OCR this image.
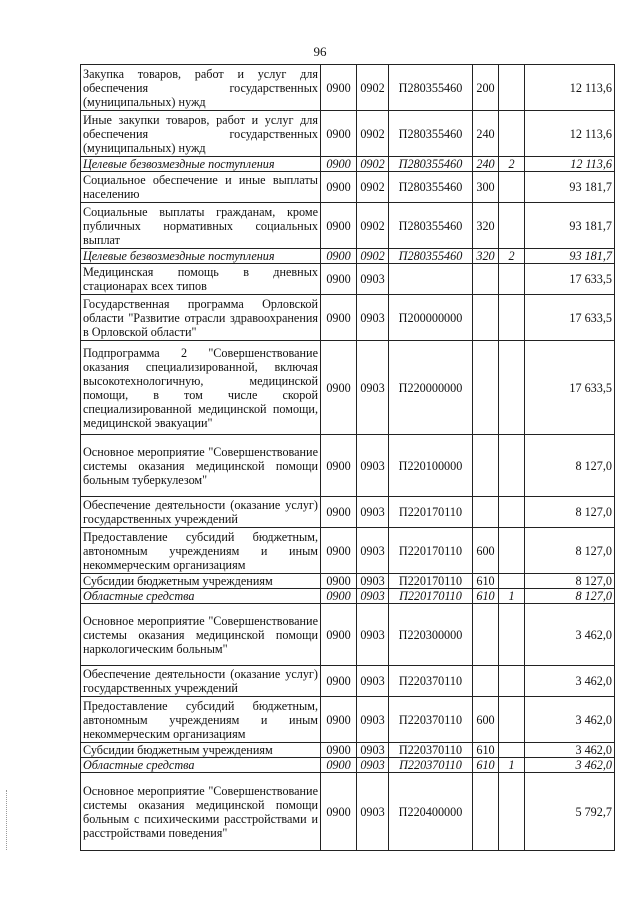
96
Закупка товаров, работ и услуг для обеспечения государственных (муниципальных) нужд	0900	0902	П280355460	200		12 113,6
Иные закупки товаров, работ и услуг для обеспечения государственных (муниципальных) нужд	0900	0902	П280355460	240		12 113,6
Целевые безвозмездные поступления	0900	0902	П280355460	240	2	12 113,6
Социальное обеспечение и иные выплаты населению	0900	0902	П280355460	300		93 181,7
Социальные выплаты гражданам, кроме публичных нормативных социальных выплат	0900	0902	П280355460	320		93 181,7
Целевые безвозмездные поступления	0900	0902	П280355460	320	2	93 181,7
Медицинская помощь в дневных стационарах всех типов	0900	0903				17 633,5
Государственная программа Орловской области "Развитие отрасли здравоохранения в Орловской области"	0900	0903	П200000000			17 633,5
Подпрограмма 2 "Совершенствование оказания специализированной, включая высокотехнологичную, медицинской помощи, в том числе скорой специализированной медицинской помощи, медицинской эвакуации"	0900	0903	П220000000			17 633,5
Основное мероприятие "Совершенствование системы оказания медицинской помощи больным туберкулезом"	0900	0903	П220100000			8 127,0
Обеспечение деятельности (оказание услуг) государственных учреждений	0900	0903	П220170110			8 127,0
Предоставление субсидий бюджетным, автономным учреждениям и иным некоммерческим организациям	0900	0903	П220170110	600		8 127,0
Субсидии бюджетным учреждениям	0900	0903	П220170110	610		8 127,0
Областные средства	0900	0903	П220170110	610	1	8 127,0
Основное мероприятие "Совершенствование системы оказания медицинской помощи наркологическим больным"	0900	0903	П220300000			3 462,0
Обеспечение деятельности (оказание услуг) государственных учреждений	0900	0903	П220370110			3 462,0
Предоставление субсидий бюджетным, автономным учреждениям и иным некоммерческим организациям	0900	0903	П220370110	600		3 462,0
Субсидии бюджетным учреждениям	0900	0903	П220370110	610		3 462,0
Областные средства	0900	0903	П220370110	610	1	3 462,0
Основное мероприятие "Совершенствование системы оказания медицинской помощи больным с психическими расстройствами и расстройствами поведения"	0900	0903	П220400000			5 792,7
